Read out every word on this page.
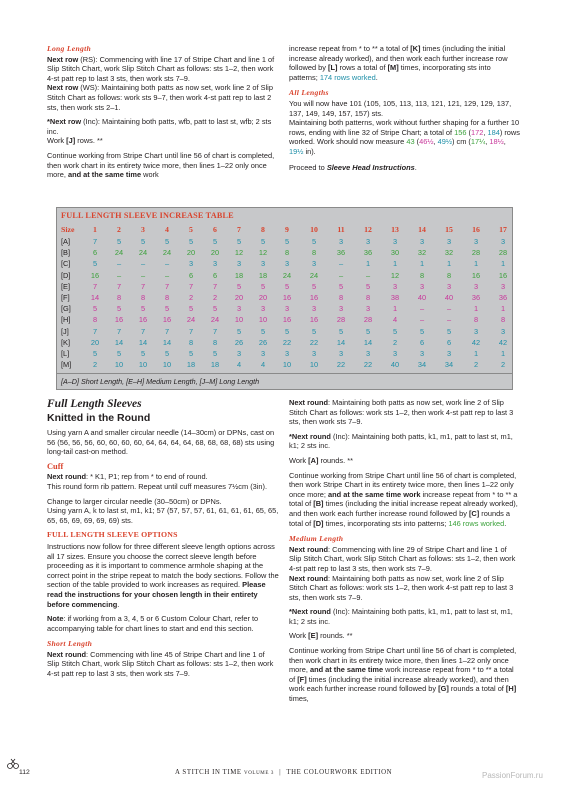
Long Length

Next row (RS): Commencing with line 17 of Stripe Chart and line 1 of Slip Stitch Chart, work Slip Stitch Chart as follows: sts 1–2, then work 4-st patt rep to last 3 sts, then work sts 7–9.

Next row (WS): Maintaining both patts as now set, work line 2 of Slip Stitch Chart as follows: work sts 9–7, then work 4-st patt rep to last 2 sts, then work sts 2–1.

*Next row (Inc): Maintaining both patts, wfb, patt to last st, wfb; 2 sts inc.

Work [J] rows. **

Continue working from Stripe Chart until line 56 of chart is completed, then work chart in its entirety twice more, then lines 1–22 only once more, and at the same time work

increase repeat from * to ** a total of [K] times (including the initial increase already worked), and then work each further increase row followed by [L] rows a total of [M] times, incorporating sts into patterns; 174 rows worked.

All Lengths

You will now have 101 (105, 105, 113, 113, 121, 121, 129, 129, 137, 137, 149, 149, 157, 157) sts.

Maintaining both patterns, work without further shaping for a further 10 rows, ending with line 32 of Stripe Chart; a total of 156 (172, 184) rows worked. Work should now measure 43 (46½, 49½) cm (17¼, 18½, 19½ in).

Proceed to Sleeve Head Instructions.

FULL LENGTH SLEEVE INCREASE TABLE
Size	1	2	3	4	5	6	7	8	9	10	11	12	13	14	15	16	17
[A]	7	5	5	5	5	5	5	5	5	5	3	3	3	3	3	3	3
[B]	6	24	24	24	20	20	12	12	8	8	36	36	30	32	32	28	28
[C]	5	–	–	–	3	3	3	3	3	3	–	1	1	1	1	1	1
[D]	16	–	–	–	6	6	18	18	24	24	–	–	12	8	8	16	16
[E]	7	7	7	7	7	7	5	5	5	5	5	5	3	3	3	3	3
[F]	14	8	8	8	2	2	20	20	16	16	8	8	38	40	40	36	36
[G]	5	5	5	5	5	5	3	3	3	3	3	3	1	–	–	1	1
[H]	8	16	16	16	24	24	10	10	16	16	28	28	4	–	–	8	8
[J]	7	7	7	7	7	7	5	5	5	5	5	5	5	5	5	3	3
[K]	20	14	14	14	8	8	26	26	22	22	14	14	2	6	6	42	42
[L]	5	5	5	5	5	5	3	3	3	3	3	3	3	3	3	1	1
[M]	2	10	10	10	18	18	4	4	10	10	22	22	40	34	34	2	2
[A–D] Short Length, [E–H] Medium Length, [J–M] Long Length
Full Length Sleeves
Knitted in the Round

Using yarn A and smaller circular needle (14–30cm) or DPNs, cast on 56 (56, 56, 56, 60, 60, 60, 60, 64, 64, 64, 64, 68, 68, 68, 68) sts using long-tail cast-on method.

Cuff

Next round: * K1, P1; rep from * to end of round.

This round form rib pattern. Repeat until cuff measures 7½cm (3in).

Change to larger circular needle (30–50cm) or DPNs.

Using yarn A, k to last st, m1, k1; 57 (57, 57, 57, 61, 61, 61, 61, 65, 65, 65, 65, 69, 69, 69, 69) sts.

FULL LENGTH SLEEVE OPTIONS

Instructions now follow for three different sleeve length options across all 17 sizes. Ensure you choose the correct sleeve length before proceeding as it is important to commence armhole shaping at the correct point in the stripe repeat to match the body sections. Follow the section of the table provided to work increases as required. Please read the instructions for your chosen length in their entirety before commencing.

Note: if working from a 3, 4, 5 or 6 Custom Colour Chart, refer to accompanying table for chart lines to start and end this section.

Short Length

Next round: Commencing with line 45 of Stripe Chart and line 1 of Slip Stitch Chart, work Slip Stitch Chart as follows: sts 1–2, then work 4-st patt rep to last 3 sts, then work sts 7–9.

Next round: Maintaining both patts as now set, work line 2 of Slip Stitch Chart as follows: work sts 1–2, then work 4-st patt rep to last 3 sts, then work sts 7–9.

*Next round (Inc): Maintaining both patts, k1, m1, patt to last st, m1, k1; 2 sts inc.

Work [A] rounds. **

Continue working from Stripe Chart until line 56 of chart is completed, then work Stripe Chart in its entirety twice more, then lines 1–22 only once more; and at the same time work increase repeat from * to ** a total of [B] times (including the initial increase repeat already worked), and then work each further increase round followed by [C] rounds a total of [D] times, incorporating sts into patterns; 146 rows worked.

Medium Length

Next round: Commencing with line 29 of Stripe Chart and line 1 of Slip Stitch Chart, work Slip Stitch Chart as follows: sts 1–2, then work 4-st patt rep to last 3 sts, then work sts 7–9.

Next round: Maintaining both patts as now set, work line 2 of Slip Stitch Chart as follows: work sts 1–2, then work 4-st patt rep to last 3 sts, then work sts 7–9.

*Next round (Inc): Maintaining both patts, k1, m1, patt to last st, m1, k1; 2 sts inc.

Work [E] rounds. **

Continue working from Stripe Chart until line 56 of chart is completed, then work chart in its entirety twice more, then lines 1–22 only once more, and at the same time work increase repeat from * to ** a total of [F] times (including the initial increase already worked), and then work each further increase round followed by [G] rounds a total of [H] times,

112	A STITCH IN TIME VOLUME 3 | THE COLOURWORK EDITION	PassionForum.ru
